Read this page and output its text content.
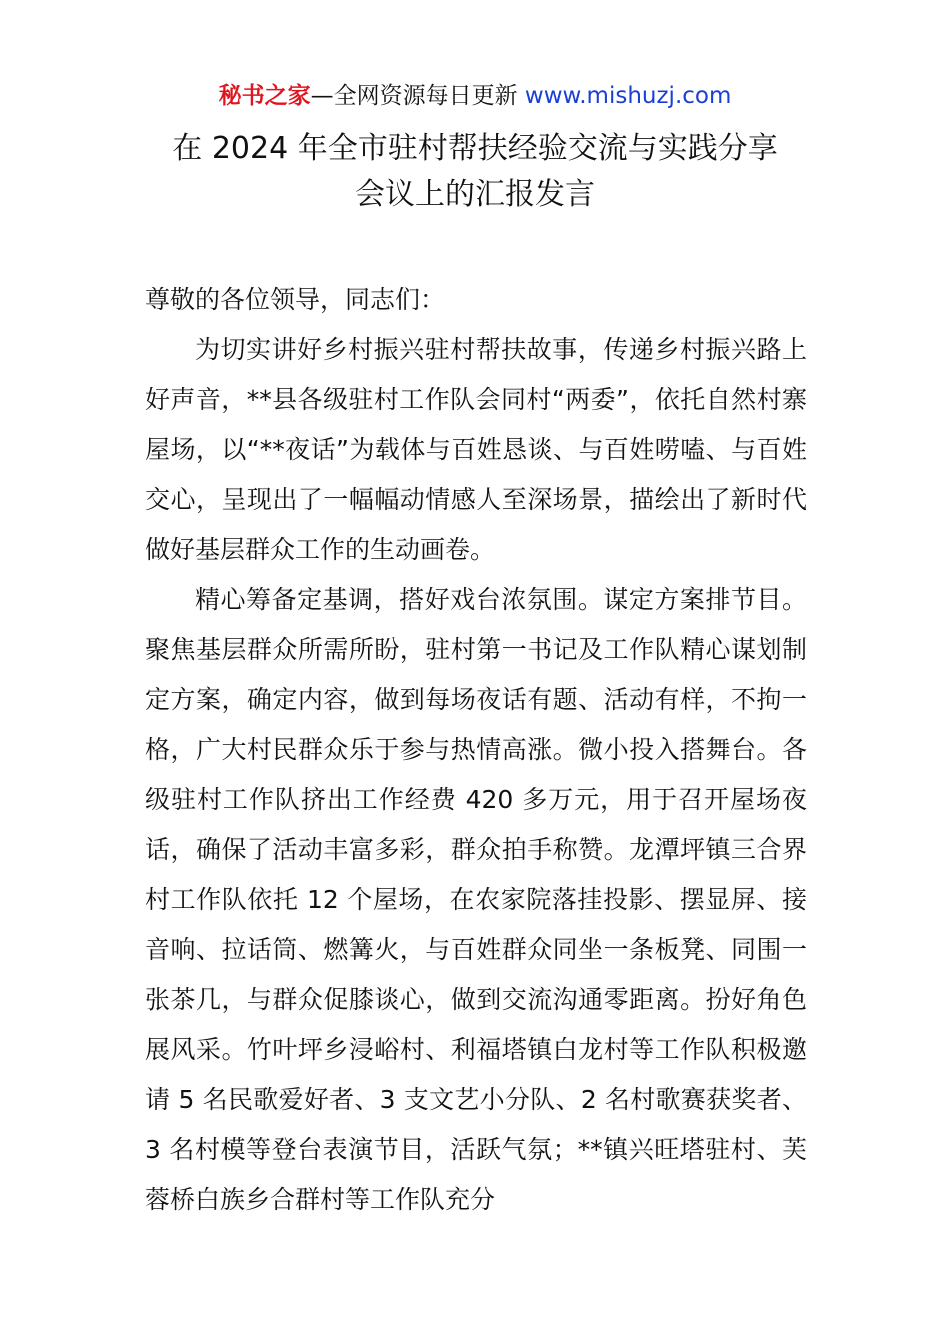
秘书之家—全网资源每日更新 www.mishuzj.com
在 2024 年全市驻村帮扶经验交流与实践分享
会议上的汇报发言

尊敬的各位领导，同志们：

为切实讲好乡村振兴驻村帮扶故事，传递乡村振兴路上好声音，**县各级驻村工作队会同村“两委”，依托自然村寨屋场，以“**夜话”为载体与百姓恳谈、与百姓唠嗑、与百姓交心，呈现出了一幅幅动情感人至深场景，描绘出了新时代做好基层群众工作的生动画卷。

精心筹备定基调，搭好戏台浓氛围。谋定方案排节目。聚焦基层群众所需所盼，驻村第一书记及工作队精心谋划制定方案，确定内容，做到每场夜话有题、活动有样，不拘一格，广大村民群众乐于参与热情高涨。微小投入搭舞台。各级驻村工作队挤出工作经费 420 多万元，用于召开屋场夜话，确保了活动丰富多彩，群众拍手称赞。龙潭坪镇三合界村工作队依托 12 个屋场，在农家院落挂投影、摆显屏、接音响、拉话筒、燃篝火，与百姓群众同坐一条板凳、同围一张茶几，与群众促膝谈心，做到交流沟通零距离。扮好角色展风采。竹叶坪乡浸峪村、利福塔镇白龙村等工作队积极邀请 5 名民歌爱好者、3 支文艺小分队、2 名村歌赛获奖者、3 名村模等登台表演节目，活跃气氛；**镇兴旺塔驻村、芙蓉桥白族乡合群村等工作队充分
